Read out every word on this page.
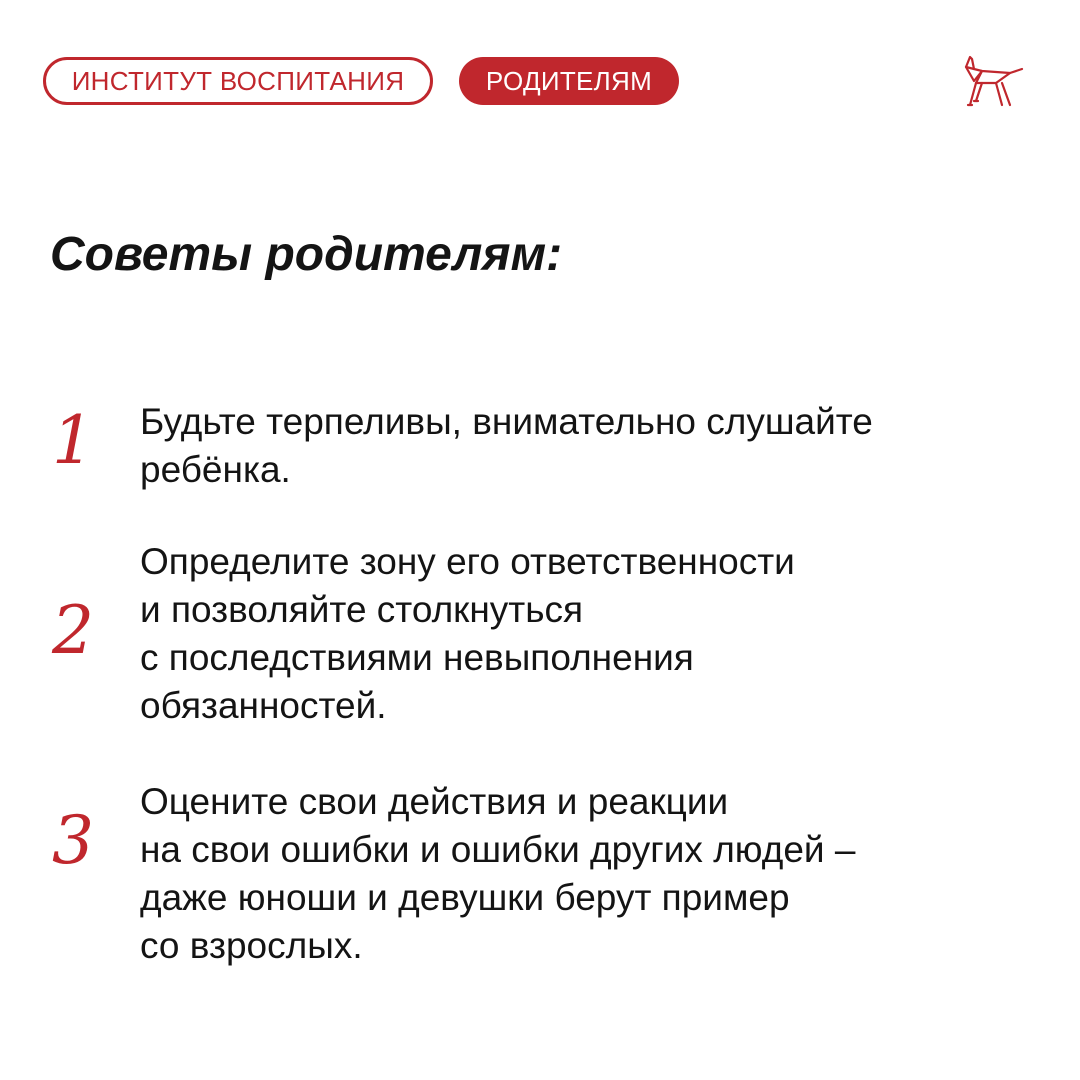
ИНСТИТУТ ВОСПИТАНИЯ	РОДИТЕЛЯМ
Советы родителям:
1	Будьте терпеливы, внимательно слушайте

ребёнка.

2

Определите зону его ответственности

и позволяйте столкнуться

с последствиями невыполнения

обязанностей.

3

Оцените свои действия и реакции

на свои ошибки и ошибки других людей –

даже юноши и девушки берут пример

со взрослых.
